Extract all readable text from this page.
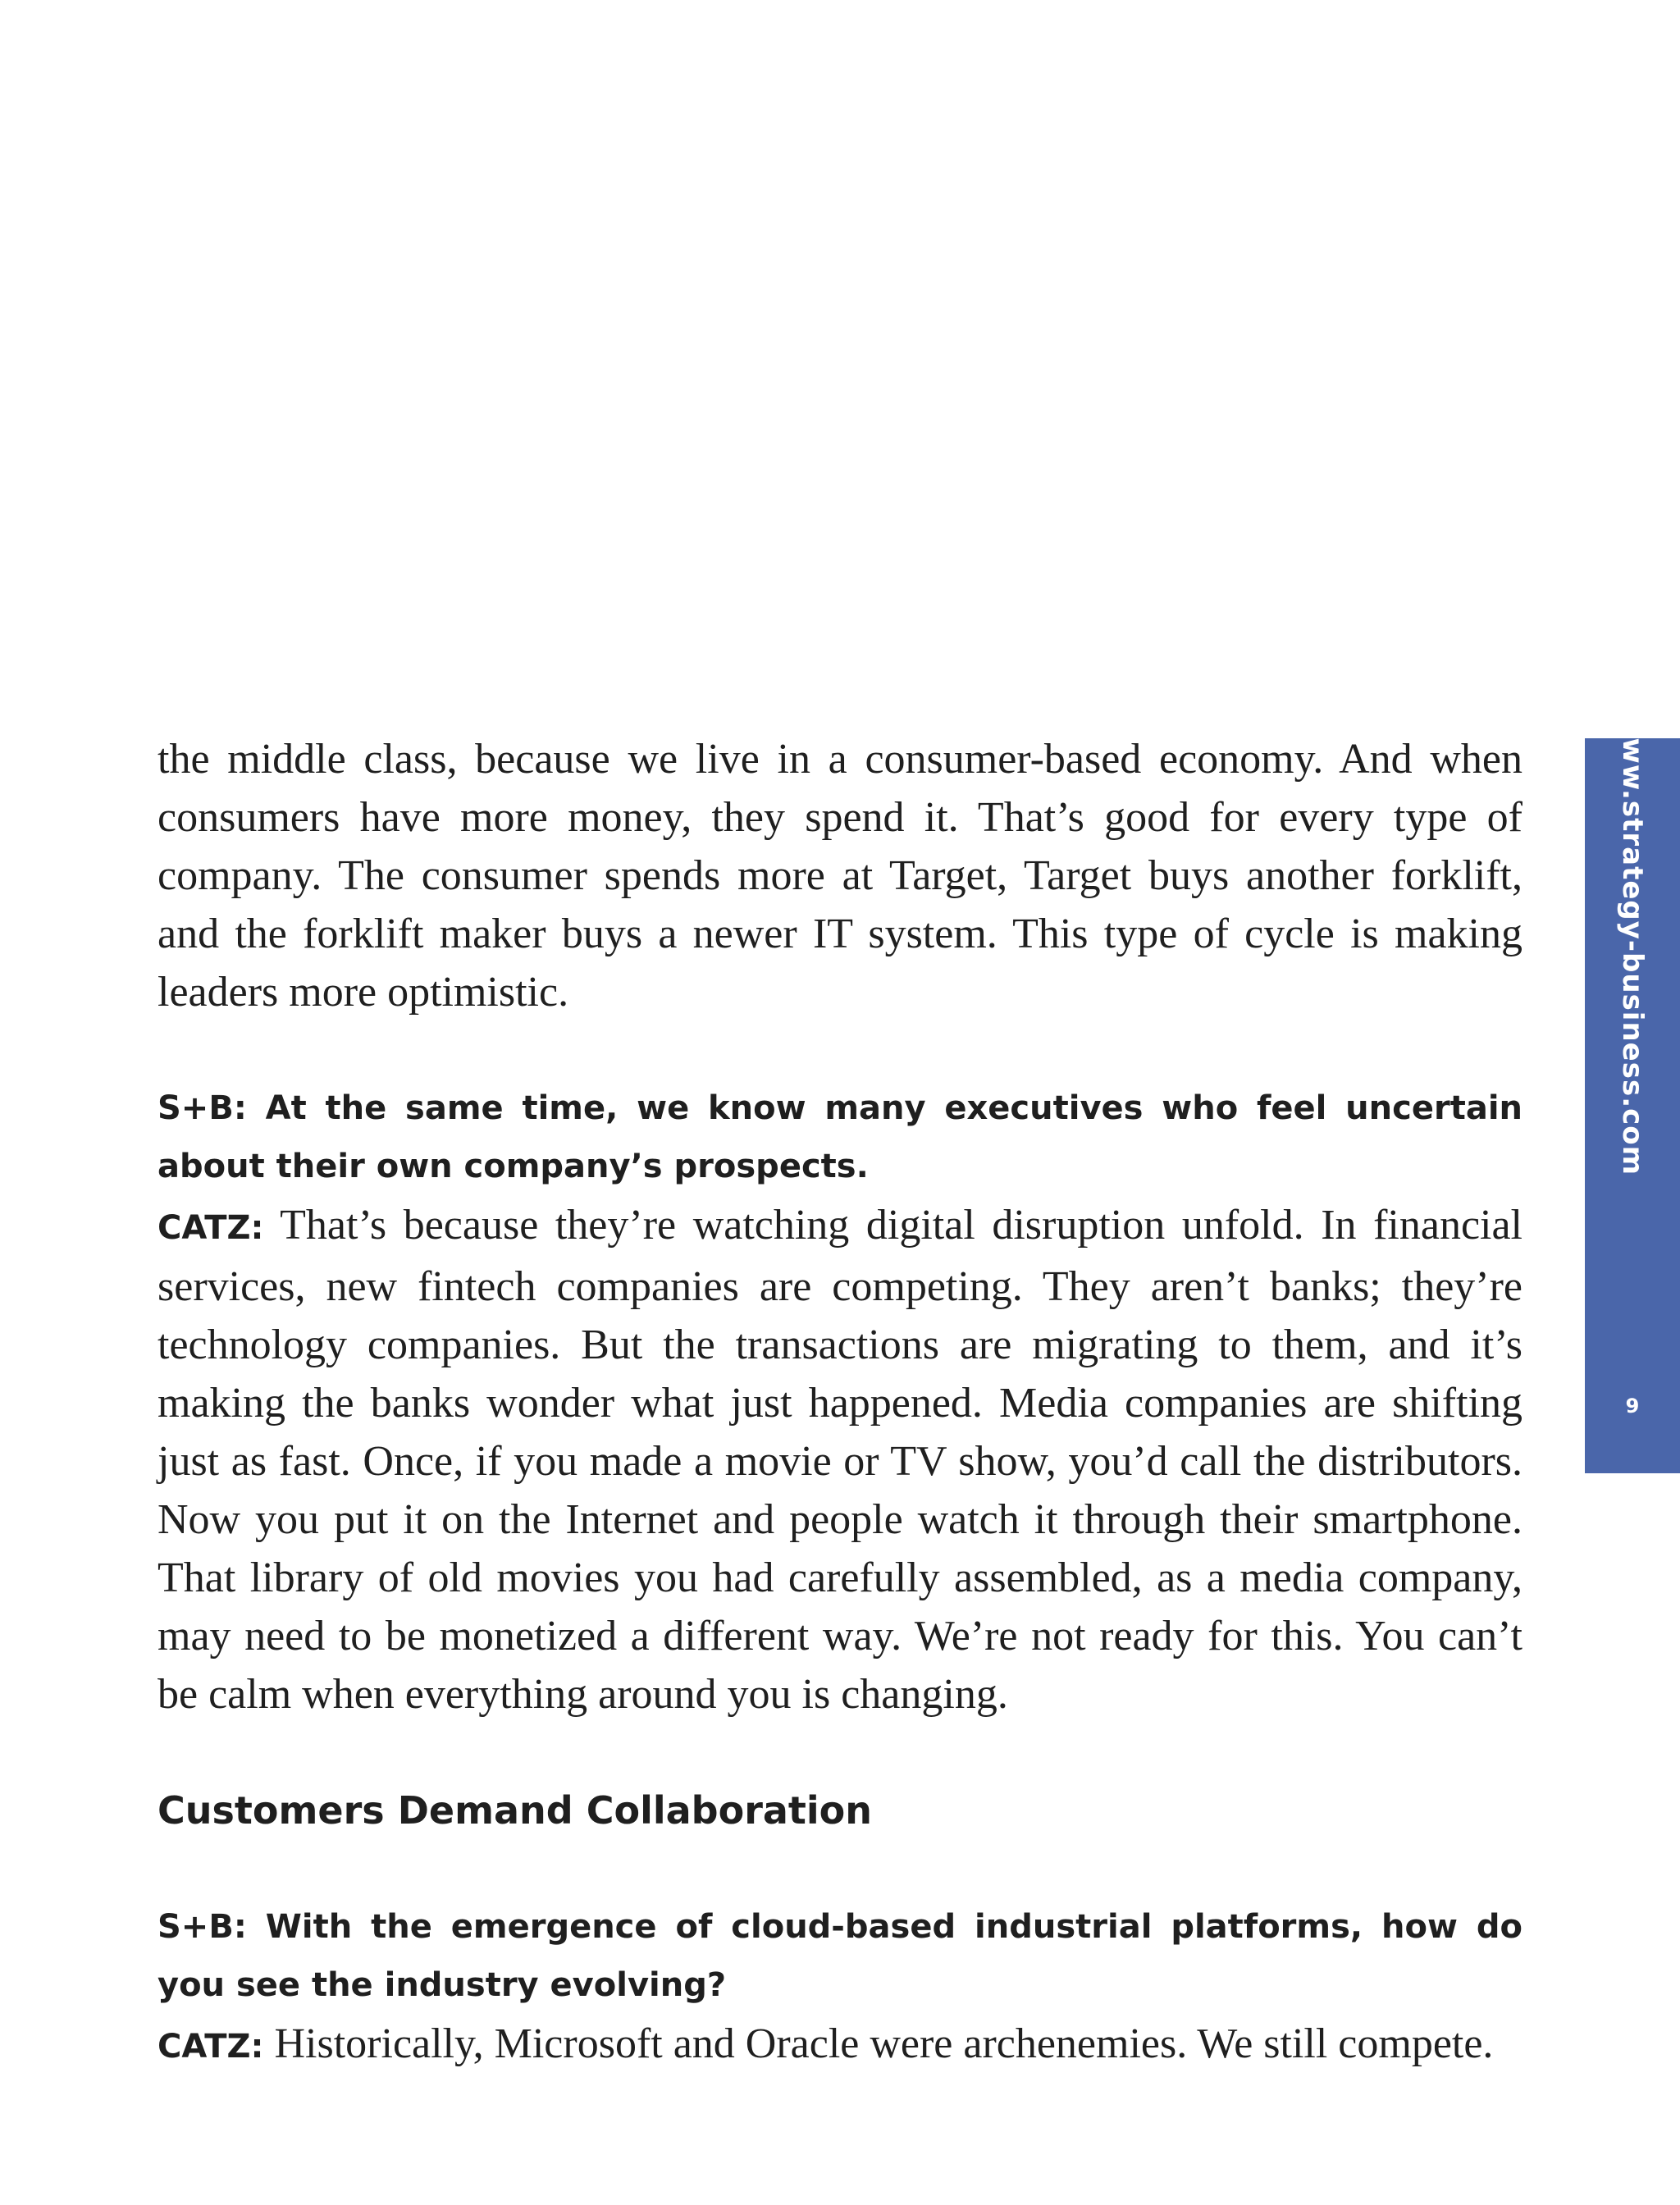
the middle class, because we live in a consumer-based economy. And when consumers have more money, they spend it. That’s good for every type of company. The consumer spends more at Target, Target buys another forklift, and the forklift maker buys a newer IT system. This type of cycle is making leaders more optimistic.

S+B: At the same time, we know many executives who feel uncertain about their own company’s prospects.

CATZ: That’s because they’re watching digital disruption unfold. In financial services, new fintech companies are competing. They aren’t banks; they’re technology companies. But the transactions are migrating to them, and it’s making the banks wonder what just happened. Media companies are shifting just as fast. Once, if you made a movie or TV show, you’d call the distributors. Now you put it on the Internet and people watch it through their smartphone. That library of old movies you had carefully assembled, as a media company, may need to be monetized a different way. We’re not ready for this. You can’t be calm when everything around you is changing.

Customers Demand Collaboration

S+B: With the emergence of cloud-based industrial platforms, how do you see the industry evolving?

CATZ: Historically, Microsoft and Oracle were archenemies. We still compete.

www.strategy-business.com
9
